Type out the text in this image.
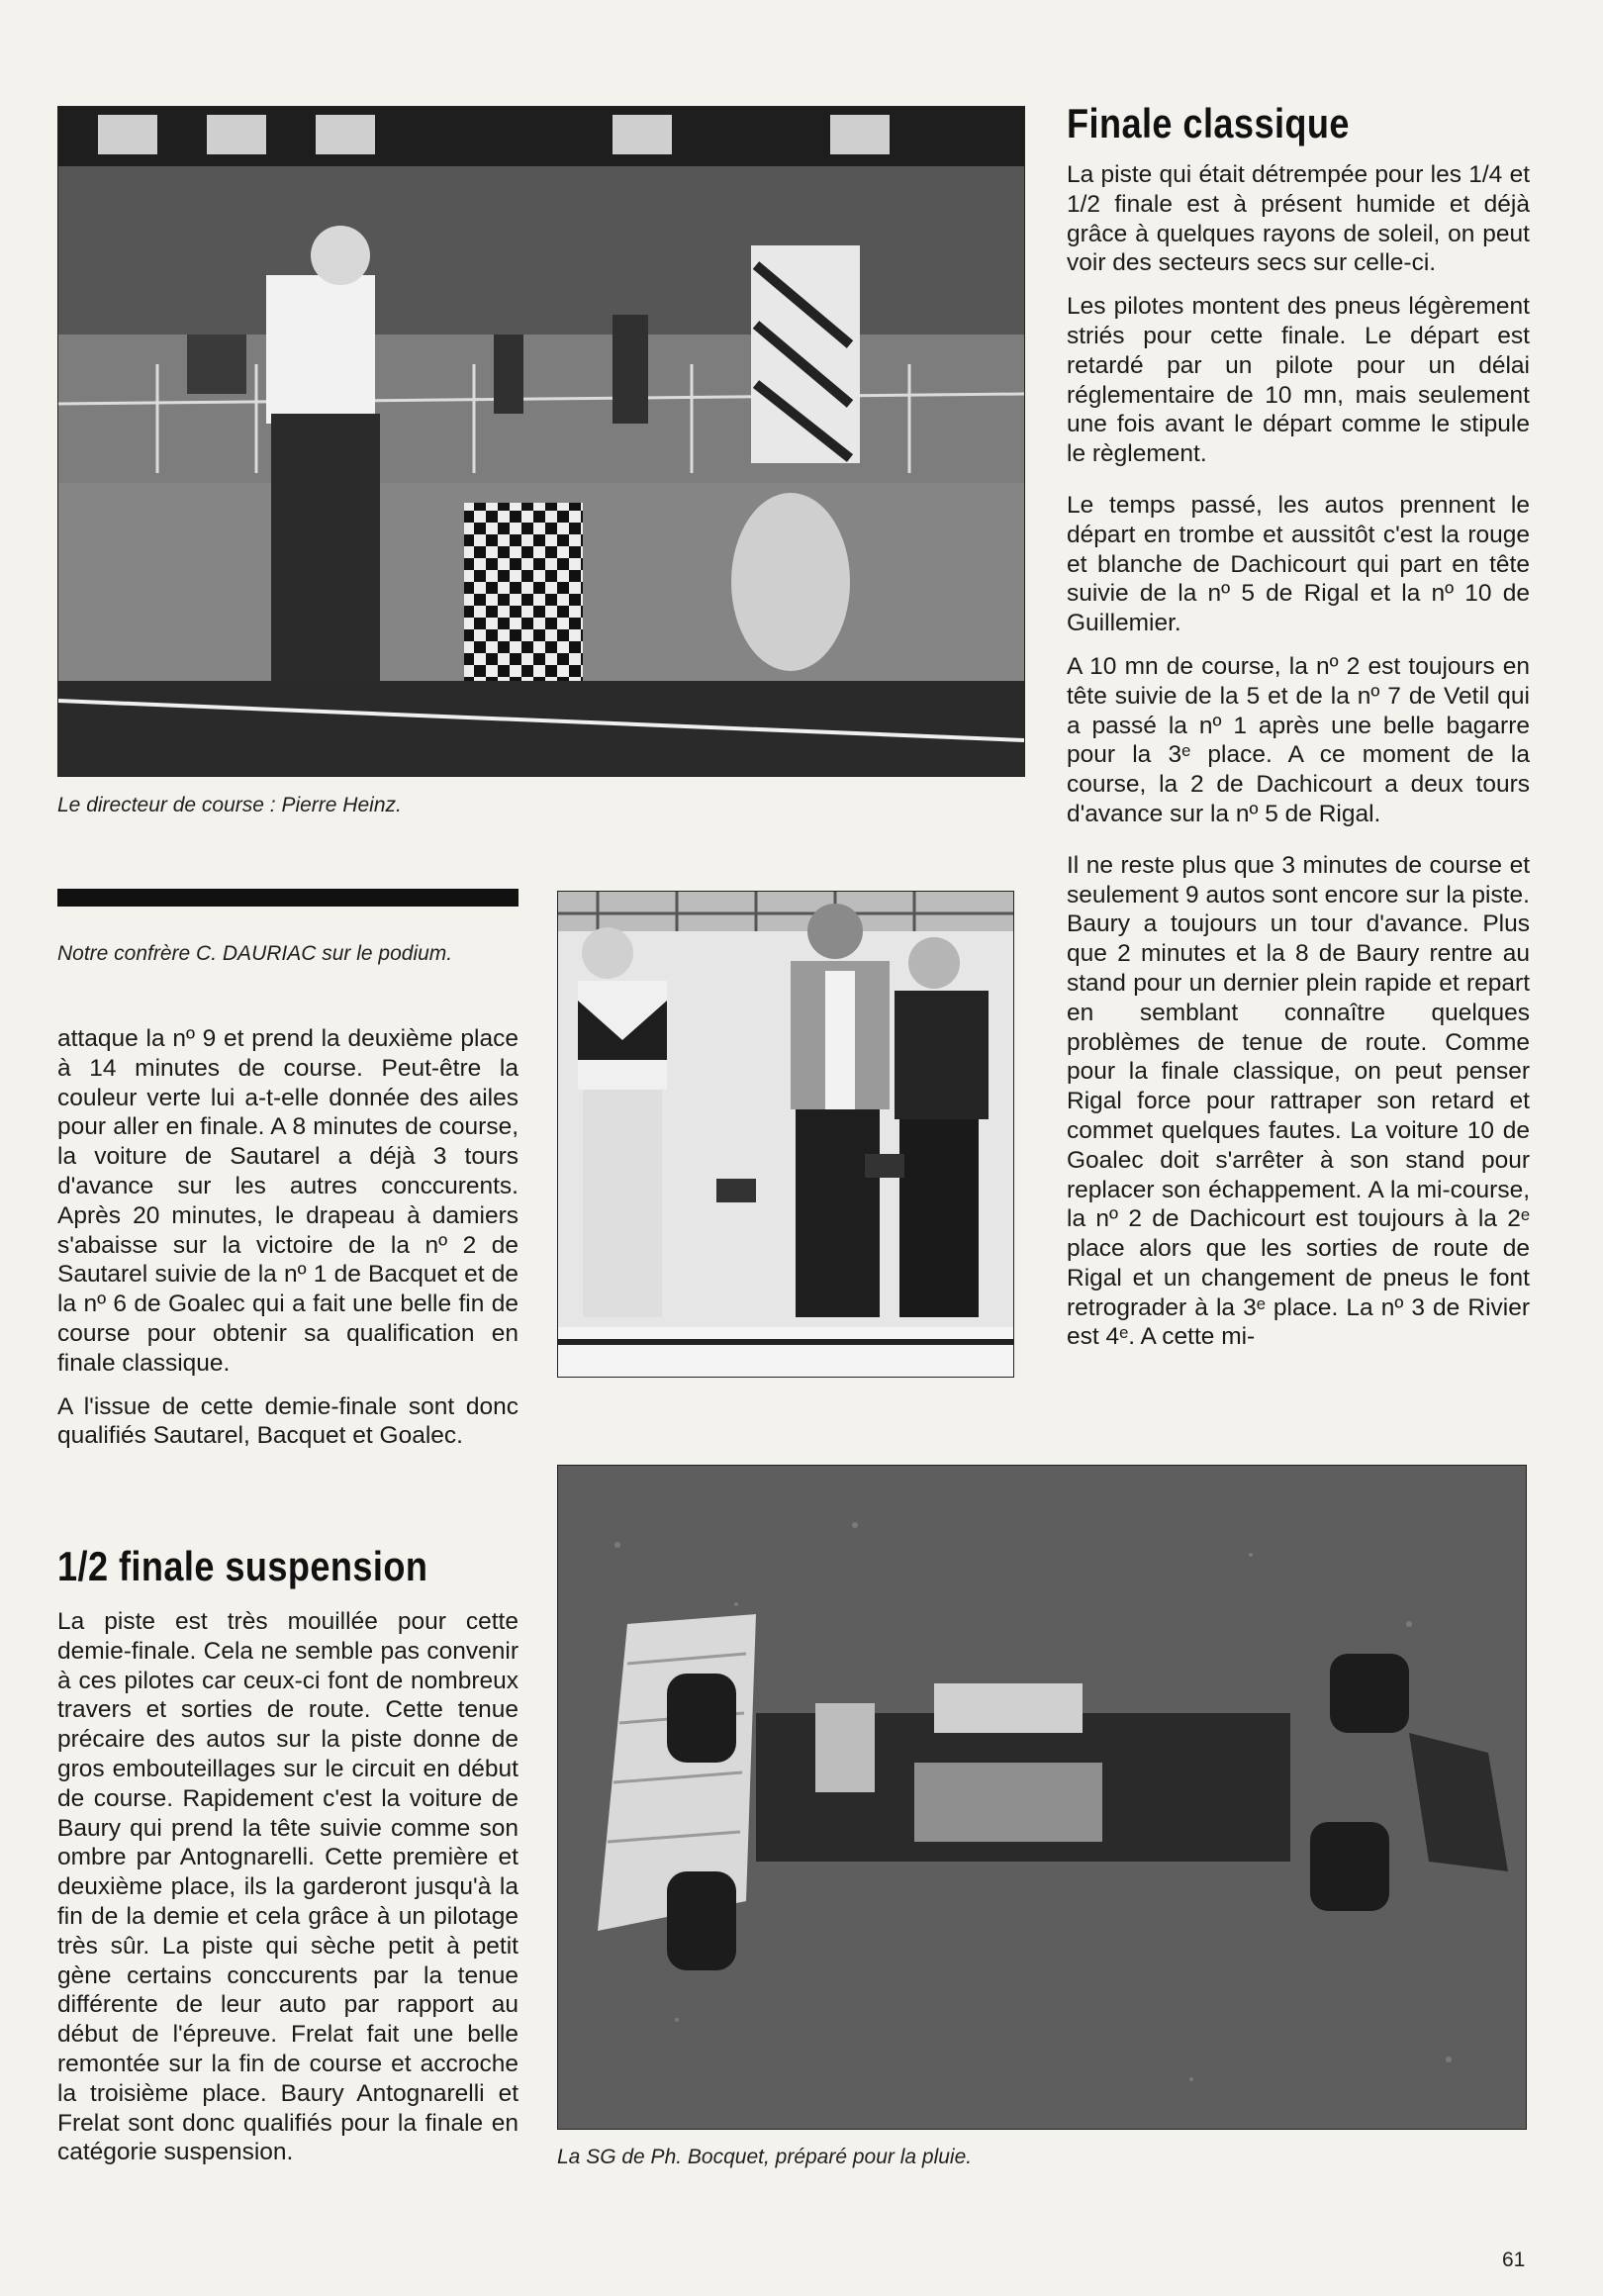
Le directeur de course : Pierre Heinz.
Finale classique

La piste qui était détrempée pour les 1/4 et 1/2 finale est à présent humide et déjà grâce à quelques rayons de soleil, on peut voir des secteurs secs sur celle-ci.

Les pilotes montent des pneus légèrement striés pour cette finale. Le départ est retardé par un pilote pour un délai réglementaire de 10 mn, mais seulement une fois avant le départ comme le stipule le règlement.

Le temps passé, les autos prennent le départ en trombe et aussitôt c'est la rouge et blanche de Dachicourt qui part en tête suivie de la nº 5 de Rigal et la nº 10 de Guillemier.

A 10 mn de course, la nº 2 est toujours en tête suivie de la 5 et de la nº 7 de Vetil qui a passé la nº 1 après une belle bagarre pour la 3ᵉ place. A ce moment de la course, la 2 de Dachicourt a deux tours d'avance sur la nº 5 de Rigal.

Il ne reste plus que 3 minutes de course et seulement 9 autos sont encore sur la piste. Baury a toujours un tour d'avance. Plus que 2 minutes et la 8 de Baury rentre au stand pour un dernier plein rapide et repart en semblant connaître quelques problèmes de tenue de route. Comme pour la finale classique, on peut penser Rigal force pour rattraper son retard et commet quelques fautes. La voiture 10 de Goalec doit s'arrêter à son stand pour replacer son échappement. A la mi-course, la nº 2 de Dachicourt est toujours à la 2ᵉ place alors que les sorties de route de Rigal et un changement de pneus le font retrograder à la 3ᵉ place. La nº 3 de Rivier est 4ᵉ. A cette mi-

Notre confrère C. DAURIAC sur le podium.

attaque la nº 9 et prend la deuxième place à 14 minutes de course. Peut-être la couleur verte lui a-t-elle donnée des ailes pour aller en finale. A 8 minutes de course, la voiture de Sautarel a déjà 3 tours d'avance sur les autres conccurents. Après 20 minutes, le drapeau à damiers s'abaisse sur la victoire de la nº 2 de Sautarel suivie de la nº 1 de Bacquet et de la nº 6 de Goalec qui a fait une belle fin de course pour obtenir sa qualification en finale classique.

A l'issue de cette demie-finale sont donc qualifiés Sautarel, Bacquet et Goalec.

1/2 finale suspension

La piste est très mouillée pour cette demie-finale. Cela ne semble pas convenir à ces pilotes car ceux-ci font de nombreux travers et sorties de route. Cette tenue précaire des autos sur la piste donne de gros embouteillages sur le circuit en début de course. Rapidement c'est la voiture de Baury qui prend la tête suivie comme son ombre par Antognarelli. Cette première et deuxième place, ils la garderont jusqu'à la fin de la demie et cela grâce à un pilotage très sûr. La piste qui sèche petit à petit gène certains conccurents par la tenue différente de leur auto par rapport au début de l'épreuve. Frelat fait une belle remontée sur la fin de course et accroche la troisième place. Baury Antognarelli et Frelat sont donc qualifiés pour la finale en catégorie suspension.	La SG de Ph. Bocquet, préparé pour la pluie.
61
